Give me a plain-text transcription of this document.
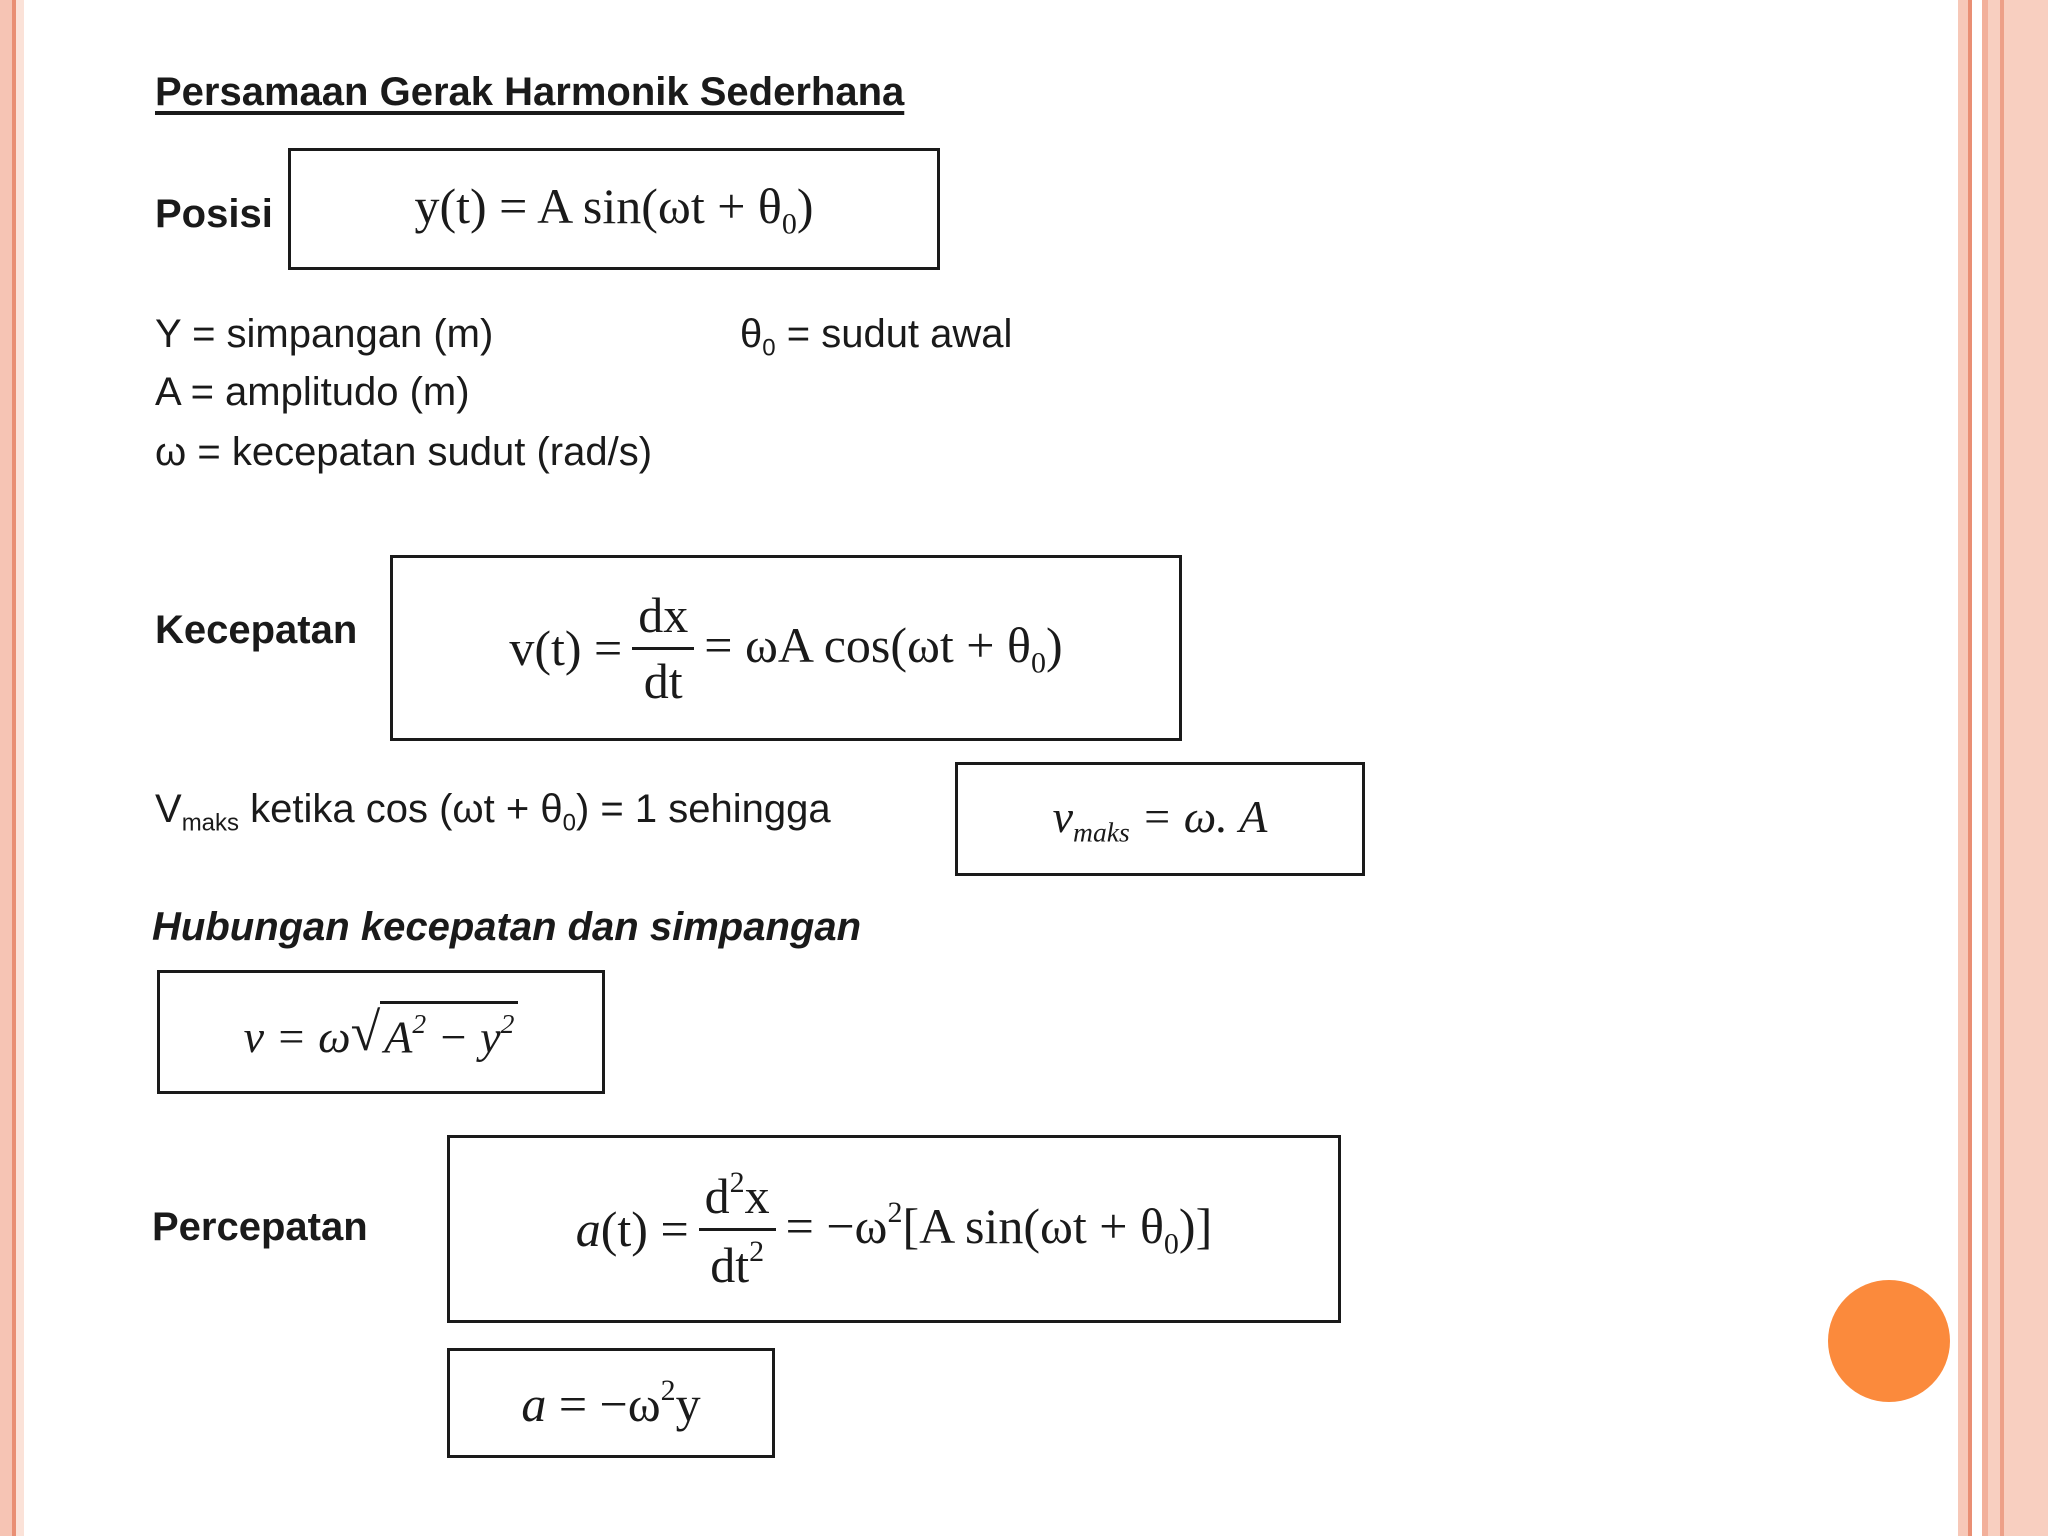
Persamaan Gerak Harmonik Sederhana
Posisi	y(t) = A $\sin(\omega t + \theta_0)$
Y = simpangan (m)
A = amplitudo (m)
ω = kecepatan sudut (rad/s)
$\theta_0$ = sudut awal
Kecepatan	$v(t) = \frac{dx}{dt} = \omega A$ $\cos(\omega t + \theta_0)$
$V_{maks}$ ketika $\cos (\omega t + \theta_0) = 1$ sehingga	$v_{maks} = \omega$. A
Hubungan kecepatan dan simpangan
v = ω √ $A^2 - y^2$
Percepatan	$a(t) = \frac{d^2x}{dt^2} = -\omega^2[A$ $\sin(\omega t + \theta_0)$]
$a = -\omega^2y$
